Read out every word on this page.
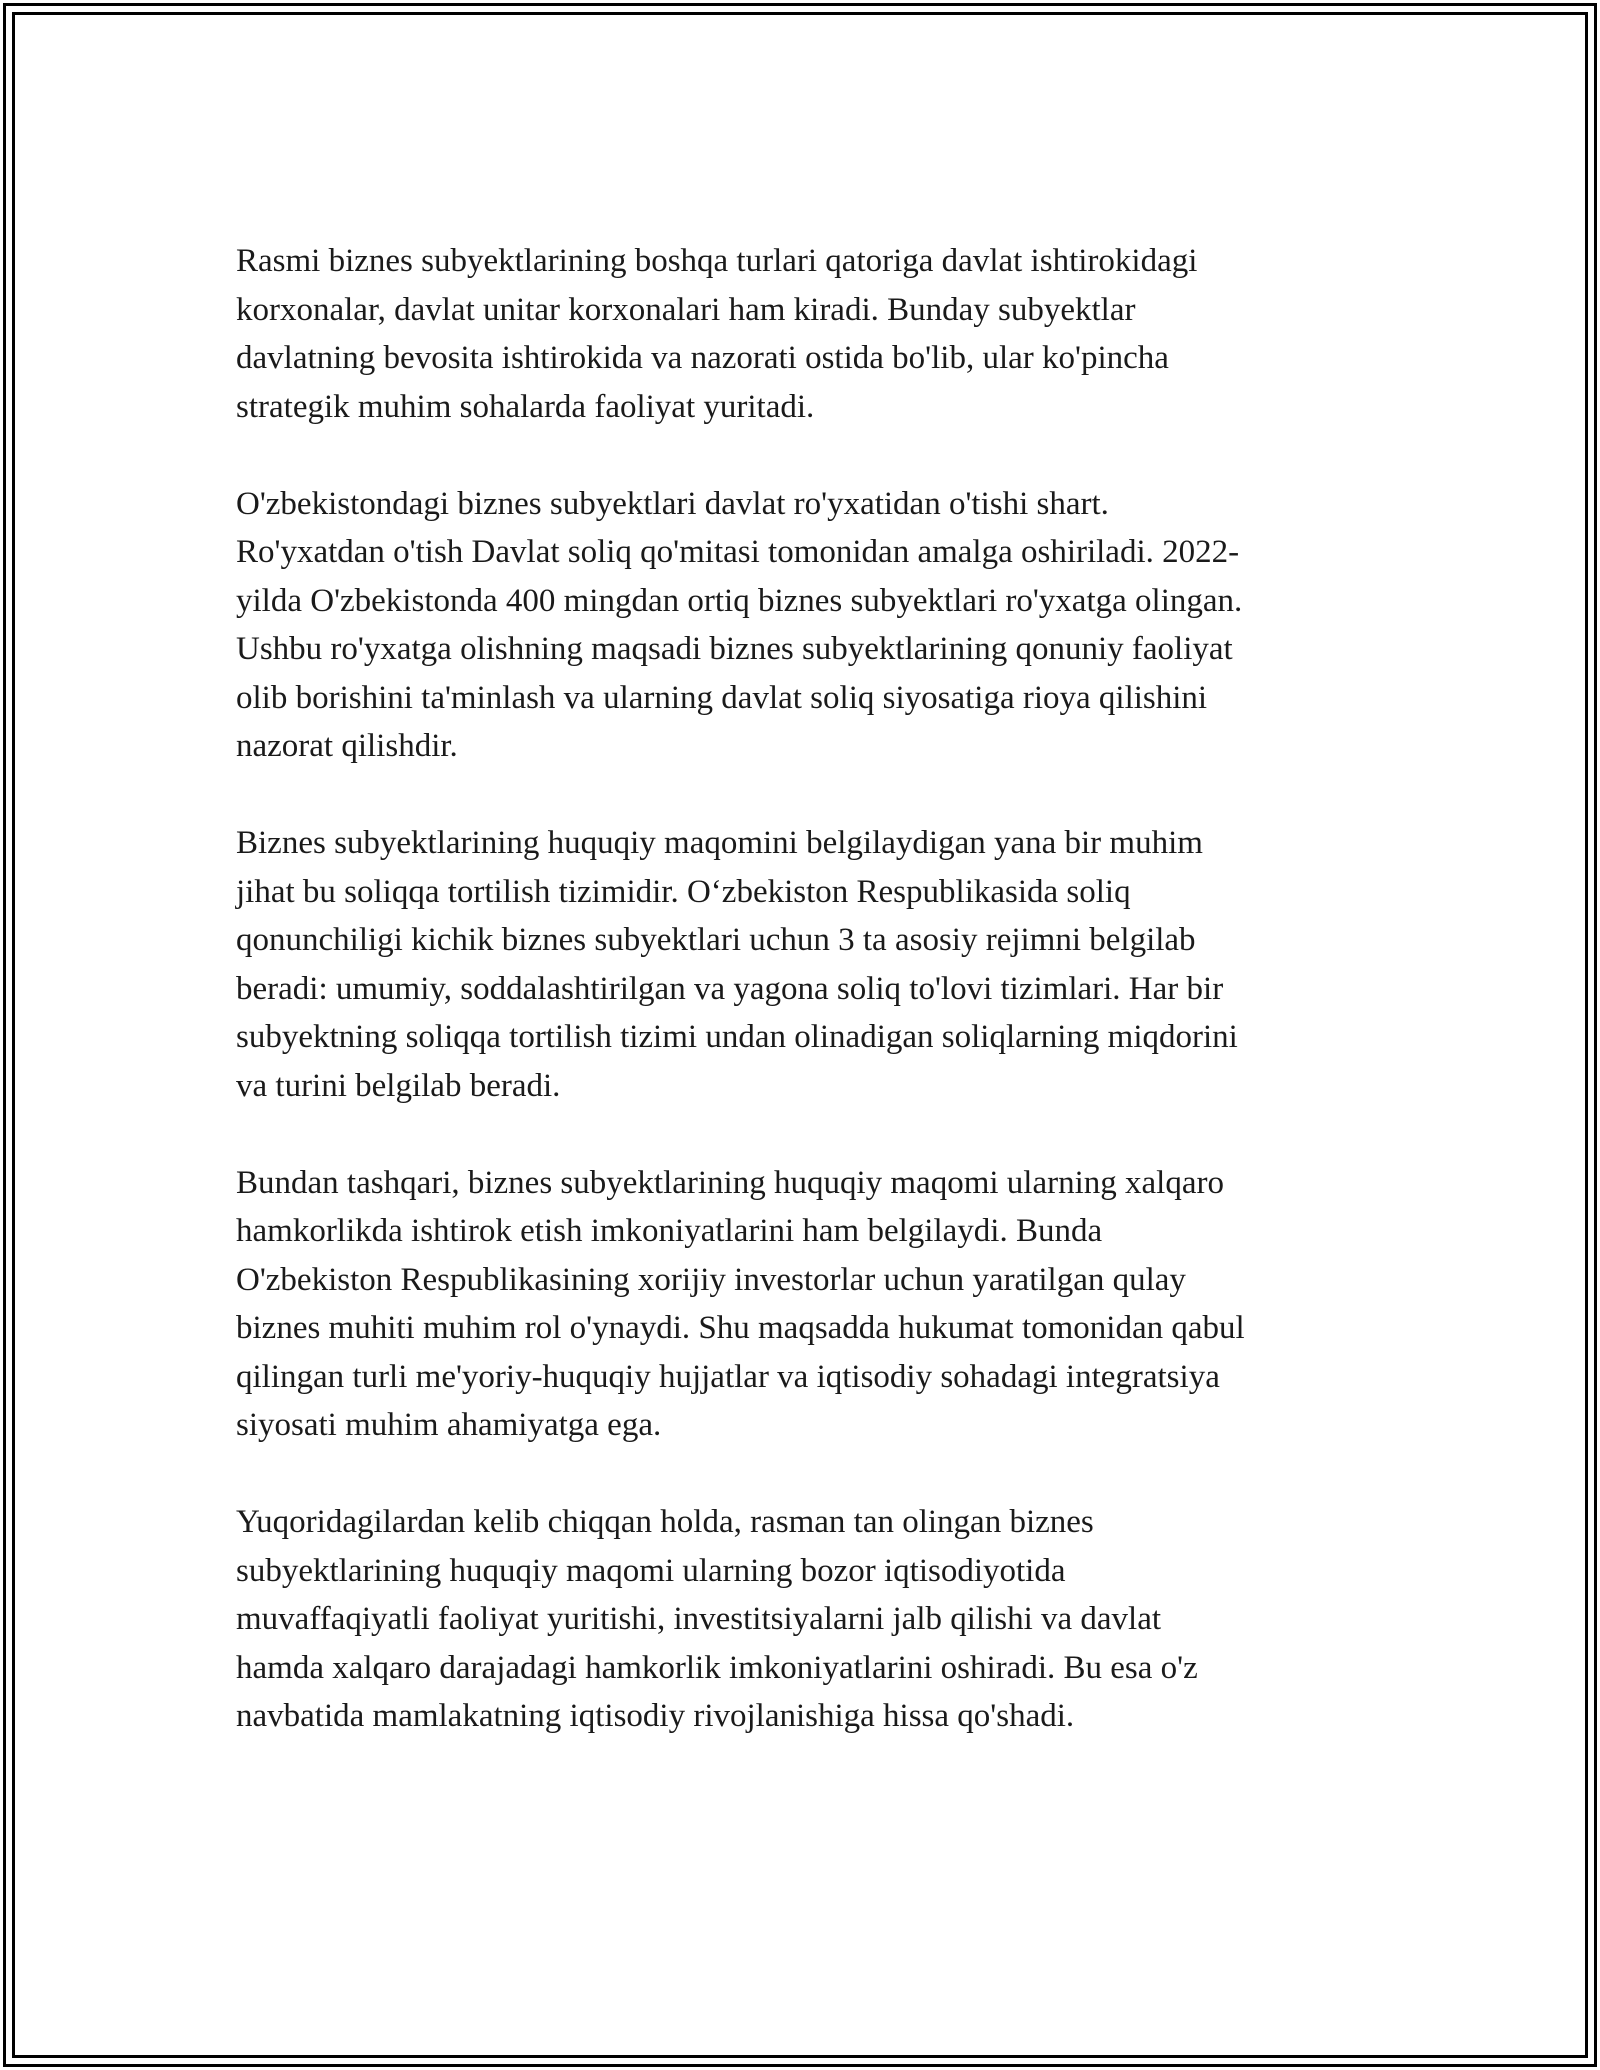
Rasmi biznes subyektlarining boshqa turlari qatoriga davlat ishtirokidagi
korxonalar, davlat unitar korxonalari ham kiradi. Bunday subyektlar
davlatning bevosita ishtirokida va nazorati ostida bo'lib, ular ko'pincha
strategik muhim sohalarda faoliyat yuritadi.

O'zbekistondagi biznes subyektlari davlat ro'yxatidan o'tishi shart.
Ro'yxatdan o'tish Davlat soliq qo'mitasi tomonidan amalga oshiriladi. 2022-
yilda O'zbekistonda 400 mingdan ortiq biznes subyektlari ro'yxatga olingan.
Ushbu ro'yxatga olishning maqsadi biznes subyektlarining qonuniy faoliyat
olib borishini ta'minlash va ularning davlat soliq siyosatiga rioya qilishini
nazorat qilishdir.

Biznes subyektlarining huquqiy maqomini belgilaydigan yana bir muhim
jihat bu soliqqa tortilish tizimidir. O‘zbekiston Respublikasida soliq
qonunchiligi kichik biznes subyektlari uchun 3 ta asosiy rejimni belgilab
beradi: umumiy, soddalashtirilgan va yagona soliq to'lovi tizimlari. Har bir
subyektning soliqqa tortilish tizimi undan olinadigan soliqlarning miqdorini
va turini belgilab beradi.

Bundan tashqari, biznes subyektlarining huquqiy maqomi ularning xalqaro
hamkorlikda ishtirok etish imkoniyatlarini ham belgilaydi. Bunda
O'zbekiston Respublikasining xorijiy investorlar uchun yaratilgan qulay
biznes muhiti muhim rol o'ynaydi. Shu maqsadda hukumat tomonidan qabul
qilingan turli me'yoriy-huquqiy hujjatlar va iqtisodiy sohadagi integratsiya
siyosati muhim ahamiyatga ega.

Yuqoridagilardan kelib chiqqan holda, rasman tan olingan biznes
subyektlarining huquqiy maqomi ularning bozor iqtisodiyotida
muvaffaqiyatli faoliyat yuritishi, investitsiyalarni jalb qilishi va davlat
hamda xalqaro darajadagi hamkorlik imkoniyatlarini oshiradi. Bu esa o'z
navbatida mamlakatning iqtisodiy rivojlanishiga hissa qo'shadi.
